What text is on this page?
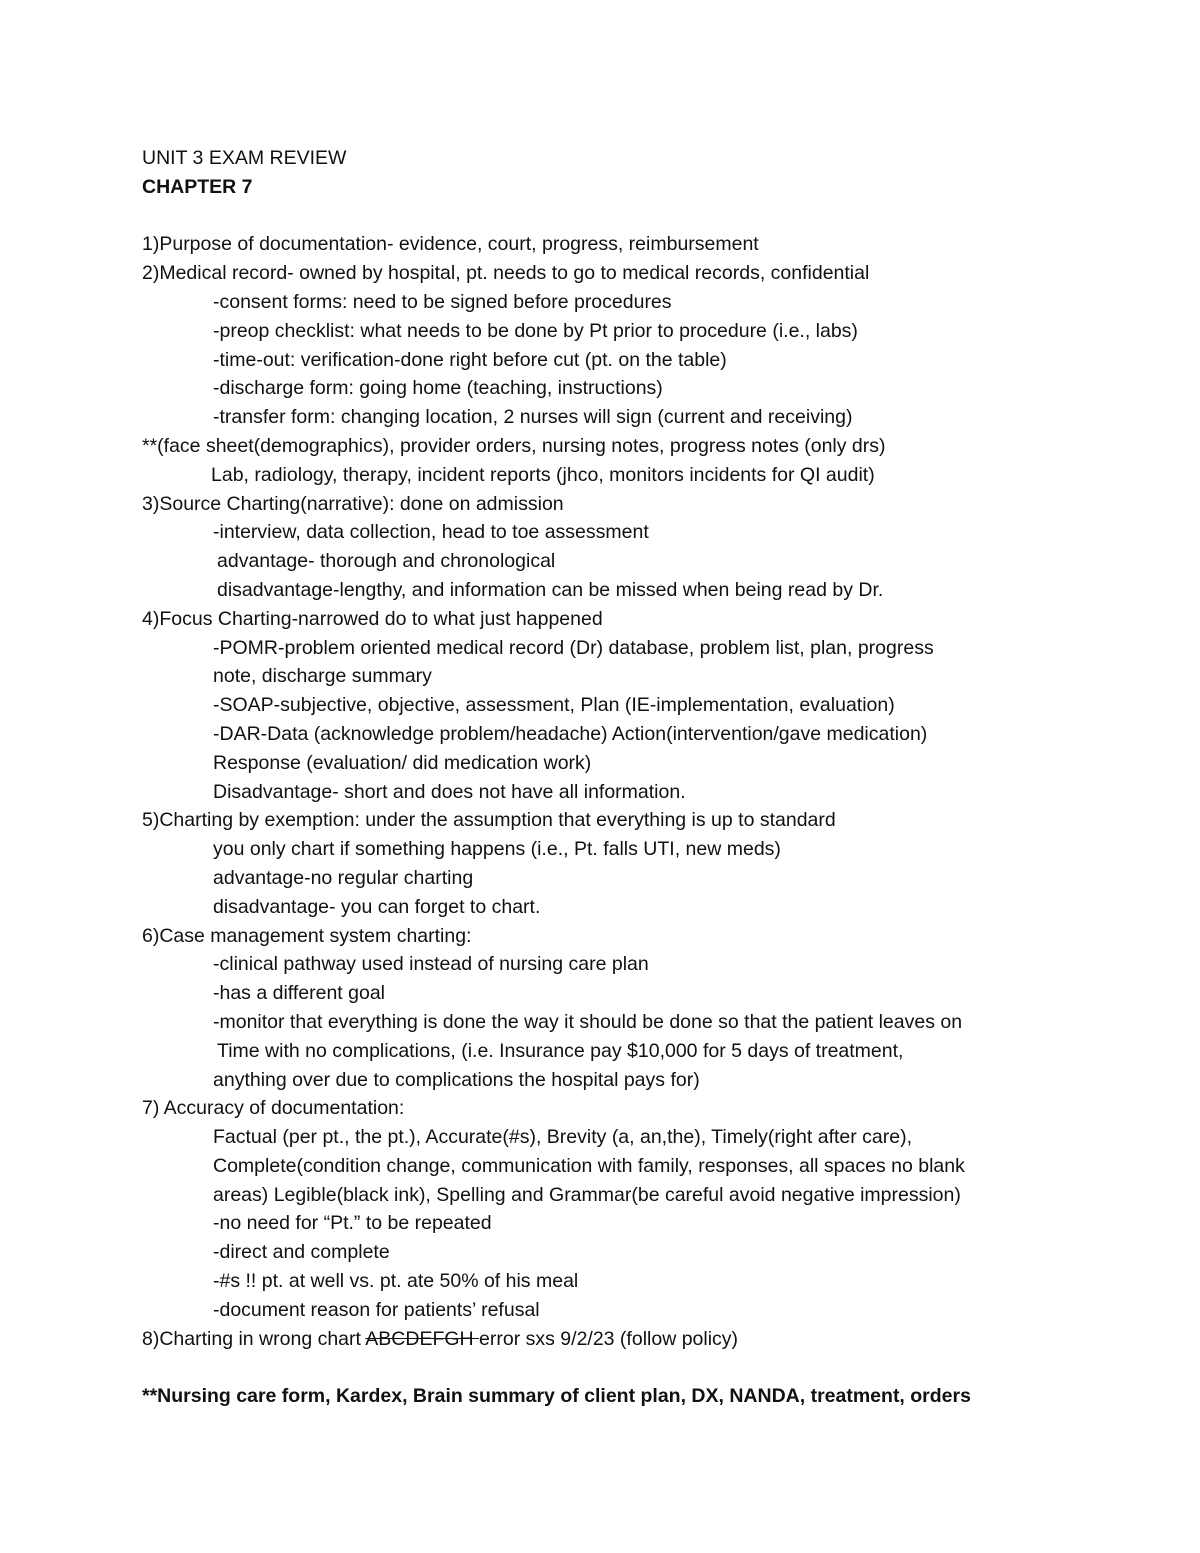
UNIT 3 EXAM REVIEW
CHAPTER 7
1)Purpose of documentation- evidence, court, progress, reimbursement
2)Medical record- owned by hospital, pt. needs to go to medical records, confidential
-consent forms: need to be signed before procedures
-preop checklist: what needs to be done by Pt prior to procedure (i.e., labs)
-time-out: verification-done right before cut (pt. on the table)
-discharge form: going home (teaching, instructions)
-transfer form: changing location, 2 nurses will sign (current and receiving)
**(face sheet(demographics), provider orders, nursing notes, progress notes (only drs)
Lab, radiology, therapy, incident reports (jhco, monitors incidents for QI audit)
3)Source Charting(narrative): done on admission
-interview, data collection, head to toe assessment
advantage- thorough and chronological
disadvantage-lengthy, and information can be missed when being read by Dr.
4)Focus Charting-narrowed do to what just happened
-POMR-problem oriented medical record (Dr) database, problem list, plan, progress
note, discharge summary
-SOAP-subjective, objective, assessment, Plan (IE-implementation, evaluation)
-DAR-Data (acknowledge problem/headache) Action(intervention/gave medication)
Response (evaluation/ did medication work)
Disadvantage- short and does not have all information.
5)Charting by exemption: under the assumption that everything is up to standard
you only chart if something happens (i.e., Pt. falls UTI, new meds)
advantage-no regular charting
disadvantage- you can forget to chart.
6)Case management system charting:
-clinical pathway used instead of nursing care plan
-has a different goal
-monitor that everything is done the way it should be done so that the patient leaves on
Time with no complications, (i.e. Insurance pay $10,000 for 5 days of treatment,
anything over due to complications the hospital pays for)
7) Accuracy of documentation:
Factual (per pt., the pt.), Accurate(#s), Brevity (a, an,the), Timely(right after care),
Complete(condition change, communication with family, responses, all spaces no blank
areas) Legible(black ink), Spelling and Grammar(be careful avoid negative impression)
-no need for “Pt.” to be repeated
-direct and complete
-#s !! pt. at well vs. pt. ate 50% of his meal
-document reason for patients’ refusal
8)Charting in wrong chart ABCDEFGH error sxs 9/2/23 (follow policy)
**Nursing care form, Kardex, Brain summary of client plan, DX, NANDA, treatment, orders
